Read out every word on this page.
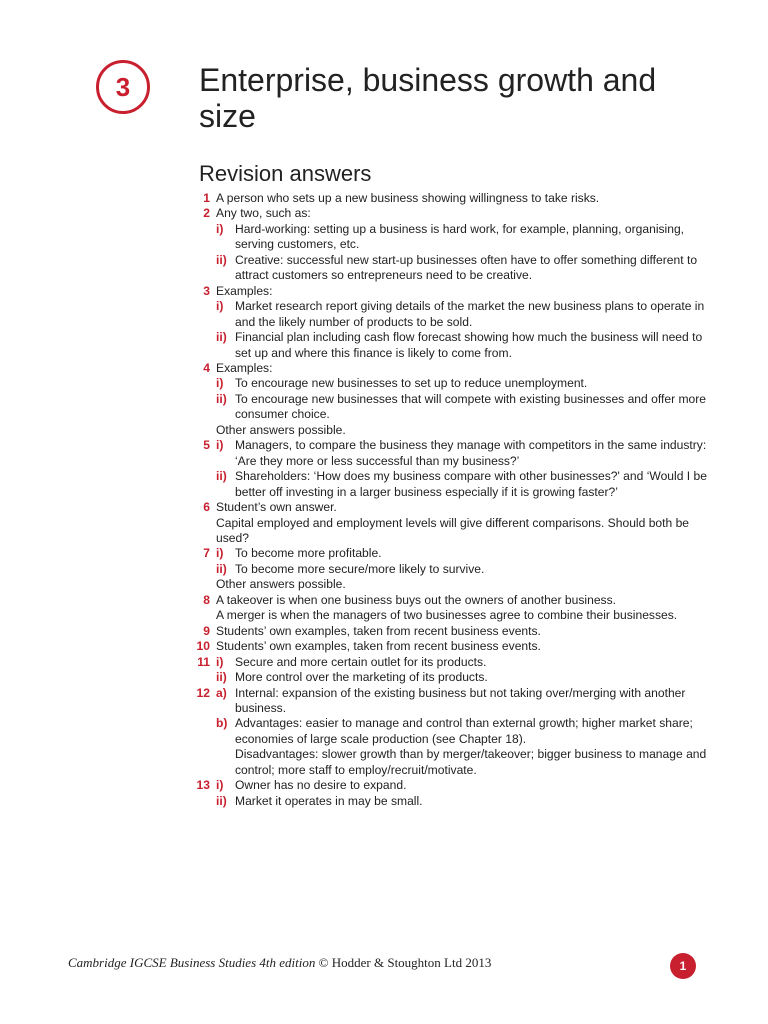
3 Enterprise, business growth and size
Revision answers
1 A person who sets up a new business showing willingness to take risks.
2 Any two, such as:
i) Hard-working: setting up a business is hard work, for example, planning, organising, serving customers, etc.
ii) Creative: successful new start-up businesses often have to offer something different to attract customers so entrepreneurs need to be creative.
3 Examples:
i) Market research report giving details of the market the new business plans to operate in and the likely number of products to be sold.
ii) Financial plan including cash flow forecast showing how much the business will need to set up and where this finance is likely to come from.
4 Examples:
i) To encourage new businesses to set up to reduce unemployment.
ii) To encourage new businesses that will compete with existing businesses and offer more consumer choice.
Other answers possible.
5 i) Managers, to compare the business they manage with competitors in the same industry: ‘Are they more or less successful than my business?’
ii) Shareholders: ‘How does my business compare with other businesses?' and ‘Would I be better off investing in a larger business especially if it is growing faster?’
6 Student’s own answer.
Capital employed and employment levels will give different comparisons. Should both be used?
7 i) To become more profitable.
ii) To become more secure/more likely to survive.
Other answers possible.
8 A takeover is when one business buys out the owners of another business.
A merger is when the managers of two businesses agree to combine their businesses.
9 Students’ own examples, taken from recent business events.
10 Students’ own examples, taken from recent business events.
11 i) Secure and more certain outlet for its products.
ii) More control over the marketing of its products.
12 a) Internal: expansion of the existing business but not taking over/merging with another business.
b) Advantages: easier to manage and control than external growth; higher market share; economies of large scale production (see Chapter 18).
Disadvantages: slower growth than by merger/takeover; bigger business to manage and control; more staff to employ/recruit/motivate.
13 i) Owner has no desire to expand.
ii) Market it operates in may be small.
Cambridge IGCSE Business Studies 4th edition © Hodder & Stoughton Ltd 2013	1
